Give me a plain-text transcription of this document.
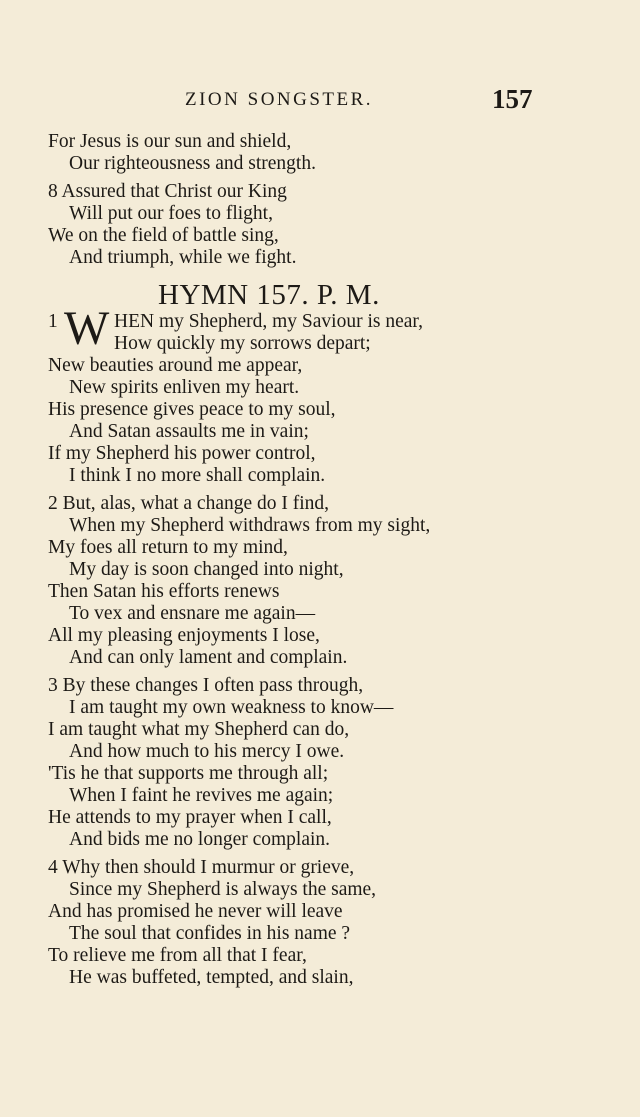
ZION SONGSTER.	157
For Jesus is our sun and shield,
Our righteousness and strength.
8 Assured that Christ our King
Will put our foes to flight,
We on the field of battle sing,
And triumph, while we fight.
HYMN 157. P. M.
1 W HEN my Shepherd, my Saviour is near,
How quickly my sorrows depart;
New beauties around me appear,
New spirits enliven my heart.
His presence gives peace to my soul,
And Satan assaults me in vain;
If my Shepherd his power control,
I think I no more shall complain.
2 But, alas, what a change do I find,
When my Shepherd withdraws from my sight,
My foes all return to my mind,
My day is soon changed into night,
Then Satan his efforts renews
To vex and ensnare me again—
All my pleasing enjoyments I lose,
And can only lament and complain.
3 By these changes I often pass through,
I am taught my own weakness to know—
I am taught what my Shepherd can do,
And how much to his mercy I owe.
'Tis he that supports me through all;
When I faint he revives me again;
He attends to my prayer when I call,
And bids me no longer complain.
4 Why then should I murmur or grieve,
Since my Shepherd is always the same,
And has promised he never will leave
The soul that confides in his name ?
To relieve me from all that I fear,
He was buffeted, tempted, and slain,
